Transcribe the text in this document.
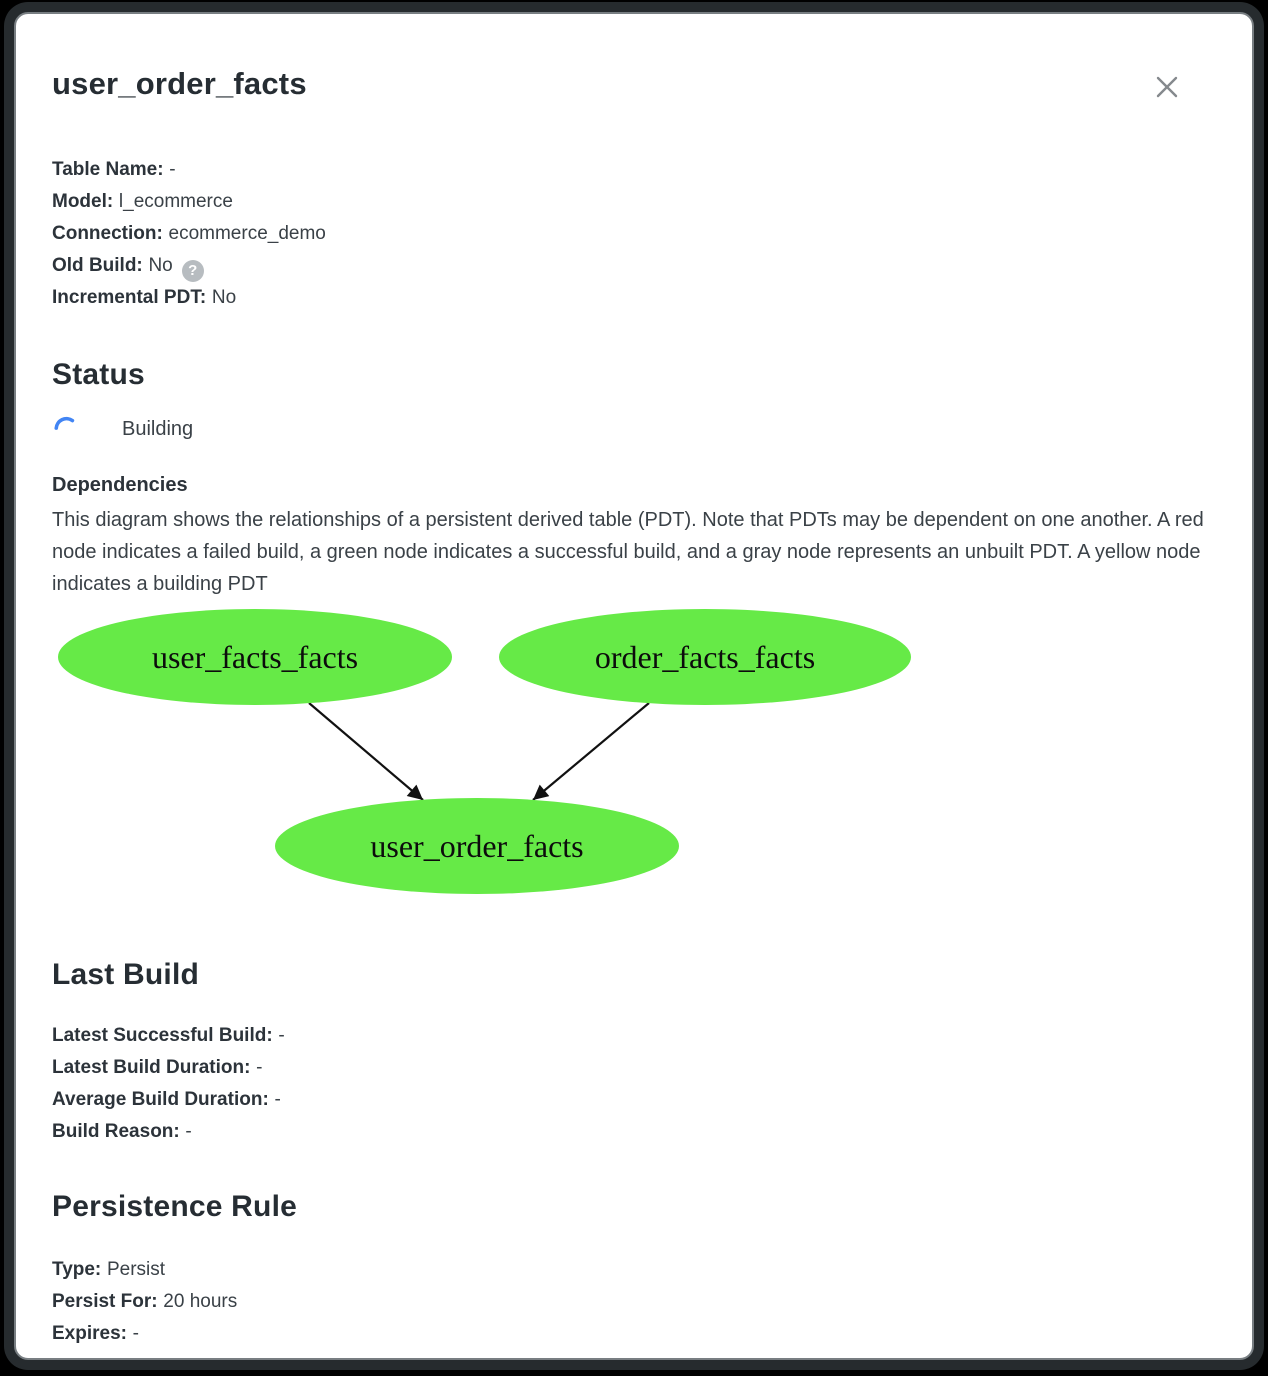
user_order_facts
Table Name: -
Model: l_ecommerce
Connection: ecommerce_demo
Old Build: No ?
Incremental PDT: No
Status
Building
Dependencies

This diagram shows the relationships of a persistent derived table (PDT). Note that PDTs may be dependent on one another. A red node indicates a failed build, a green node indicates a successful build, and a gray node represents an unbuilt PDT. A yellow node indicates a building PDT

user_facts_facts	order_facts_facts
user_order_facts
Last Build
Latest Successful Build: -
Latest Build Duration: -
Average Build Duration: -
Build Reason: -
Persistence Rule
Type: Persist
Persist For: 20 hours
Expires: -
